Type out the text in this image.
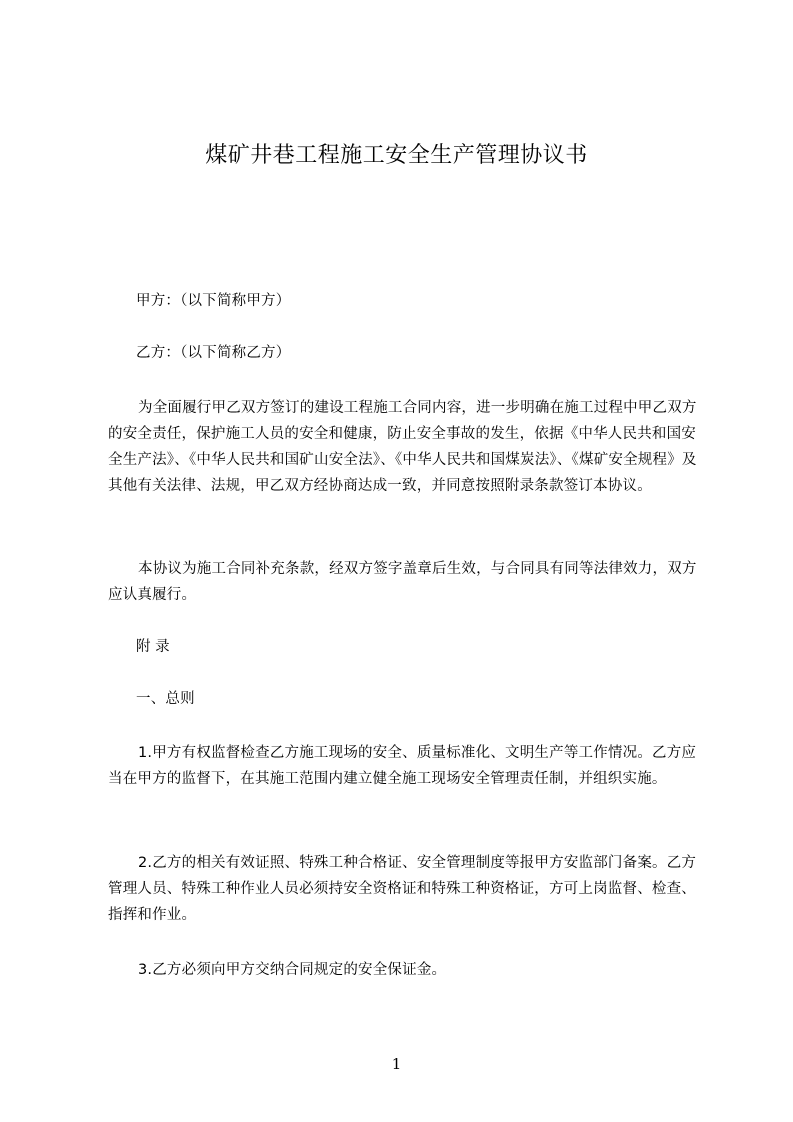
煤矿井巷工程施工安全生产管理协议书

甲方：（以下简称甲方）

乙方：（以下简称乙方）

为全面履行甲乙双方签订的建设工程施工合同内容，进一步明确在施工过程中甲乙双方的安全责任，保护施工人员的安全和健康，防止安全事故的发生，依据《中华人民共和国安全生产法》、《中华人民共和国矿山安全法》、《中华人民共和国煤炭法》、《煤矿安全规程》及其他有关法律、法规，甲乙双方经协商达成一致，并同意按照附录条款签订本协议。

本协议为施工合同补充条款，经双方签字盖章后生效，与合同具有同等法律效力，双方应认真履行。

附 录

一、总则

1.甲方有权监督检查乙方施工现场的安全、质量标准化、文明生产等工作情况。乙方应当在甲方的监督下，在其施工范围内建立健全施工现场安全管理责任制，并组织实施。

2.乙方的相关有效证照、特殊工种合格证、安全管理制度等报甲方安监部门备案。乙方管理人员、特殊工种作业人员必须持安全资格证和特殊工种资格证，方可上岗监督、检查、指挥和作业。

3.乙方必须向甲方交纳合同规定的安全保证金。

1
